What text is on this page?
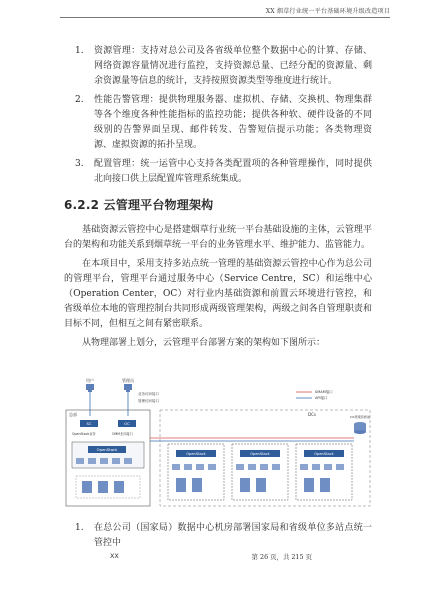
XX 烟草行业统一平台基础环境升级改造项目
1. 资源管理：支持对总公司及各省级单位整个数据中心的计算、存储、网络资源容量情况进行监控，支持资源总量、已经分配的资源量、剩余资源量等信息的统计，支持按照资源类型等维度进行统计。
2. 性能告警管理：提供物理服务器、虚拟机、存储、交换机、物理集群等各个维度各种性能指标的监控功能；提供各种软、硬件设备的不同级别的告警界面呈现、邮件转发、告警短信提示功能；各类物理资源、虚拟资源的拓扑呈现。
3. 配置管理：统一运管中心支持各类配置项的各种管理操作，同时提供北向接口供上层配置库管理系统集成。
6.2.2 云管理平台物理架构

基础资源云管控中心是搭建烟草行业统一平台基础设施的主体，云管理平台的架构和功能关系到烟草统一平台的业务管理水平、维护能力、监管能力。

在本项目中，采用支持多站点统一管理的基础资源云管控中心作为总公司的管理平台，管理平台通过服务中心（Service Centre，SC）和运维中心（Operation Center，OC）对行业内基础资源和前置云环境进行管控，和省级单位本地的管理控制台共同形成两级管理架构，两级之间各自管理职责和目标不同，但相互之间有紧密联系。

从物理部署上划分，云管理平台部署方案的架构如下图所示：

用户	管理员
业务访问接口
管理访问接口
SMAM接口
API接口
总部
SC	OC
OpenStack业务	OMM北向接口
OpenStack
DCs
OpenStack	OpenStack	OpenStack
DC管理资源池
1. 在总公司（国家局）数据中心机房部署国家局和省级单位多站点统一管控中
XX	第 26 页，共 215 页
